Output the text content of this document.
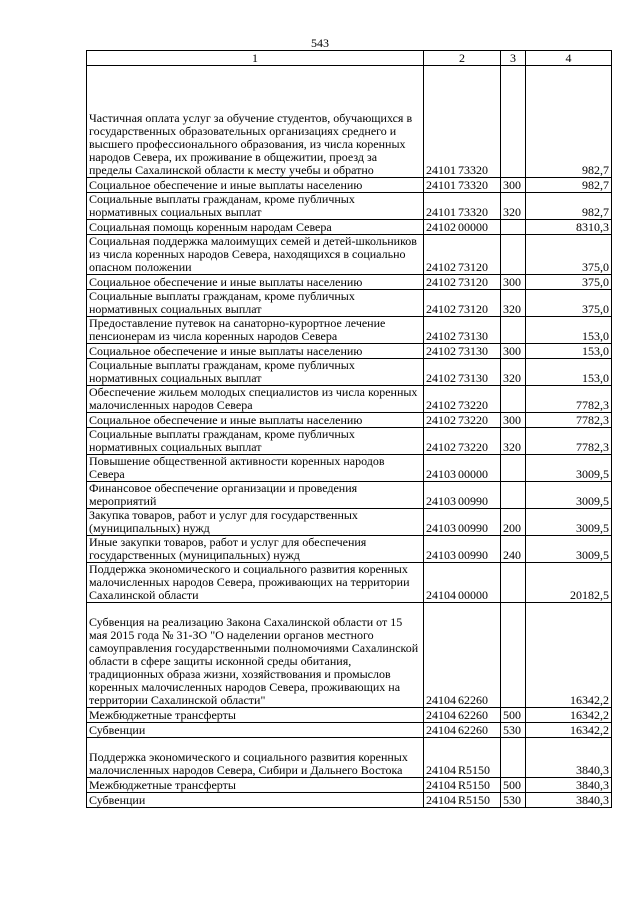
543
1	2	3	4
Частичная оплата услуг за обучение студентов, обучающихся в государственных образовательных организациях среднего и высшего профессионального образования, из числа коренных народов Севера, их проживание в общежитии, проезд за пределы Сахалинской области к месту учебы и обратно	24101 73320		982,7
Социальное обеспечение и иные выплаты населению	24101 73320	300	982,7
Социальные выплаты гражданам, кроме публичных нормативных социальных выплат	24101 73320	320	982,7
Социальная помощь коренным народам Севера	24102 00000		8310,3
Социальная поддержка малоимущих семей и детей-школьников из числа коренных народов Севера, находящихся в социально опасном положении	24102 73120		375,0
Социальное обеспечение и иные выплаты населению	24102 73120	300	375,0
Социальные выплаты гражданам, кроме публичных нормативных социальных выплат	24102 73120	320	375,0
Предоставление путевок на санаторно-курортное лечение пенсионерам из числа коренных народов Севера	24102 73130		153,0
Социальное обеспечение и иные выплаты населению	24102 73130	300	153,0
Социальные выплаты гражданам, кроме публичных нормативных социальных выплат	24102 73130	320	153,0
Обеспечение жильем молодых специалистов из числа коренных малочисленных народов Севера	24102 73220		7782,3
Социальное обеспечение и иные выплаты населению	24102 73220	300	7782,3
Социальные выплаты гражданам, кроме публичных нормативных социальных выплат	24102 73220	320	7782,3
Повышение общественной активности коренных народов Севера	24103 00000		3009,5
Финансовое обеспечение организации и проведения мероприятий	24103 00990		3009,5
Закупка товаров, работ и услуг для государственных (муниципальных) нужд	24103 00990	200	3009,5
Иные закупки товаров, работ и услуг для обеспечения государственных (муниципальных) нужд	24103 00990	240	3009,5
Поддержка экономического и социального развития коренных малочисленных народов Севера, проживающих на территории Сахалинской области	24104 00000		20182,5
Субвенция на реализацию Закона Сахалинской области от 15 мая 2015 года № 31-ЗО "О наделении органов местного самоуправления государственными полномочиями Сахалинской области в сфере защиты исконной среды обитания, традиционных образа жизни, хозяйствования и промыслов коренных малочисленных народов Севера, проживающих на территории Сахалинской области"	24104 62260		16342,2
Межбюджетные трансферты	24104 62260	500	16342,2
Субвенции	24104 62260	530	16342,2
Поддержка экономического и социального развития коренных малочисленных народов Севера, Сибири и Дальнего Востока	24104 R5150		3840,3
Межбюджетные трансферты	24104 R5150	500	3840,3
Субвенции	24104 R5150	530	3840,3
